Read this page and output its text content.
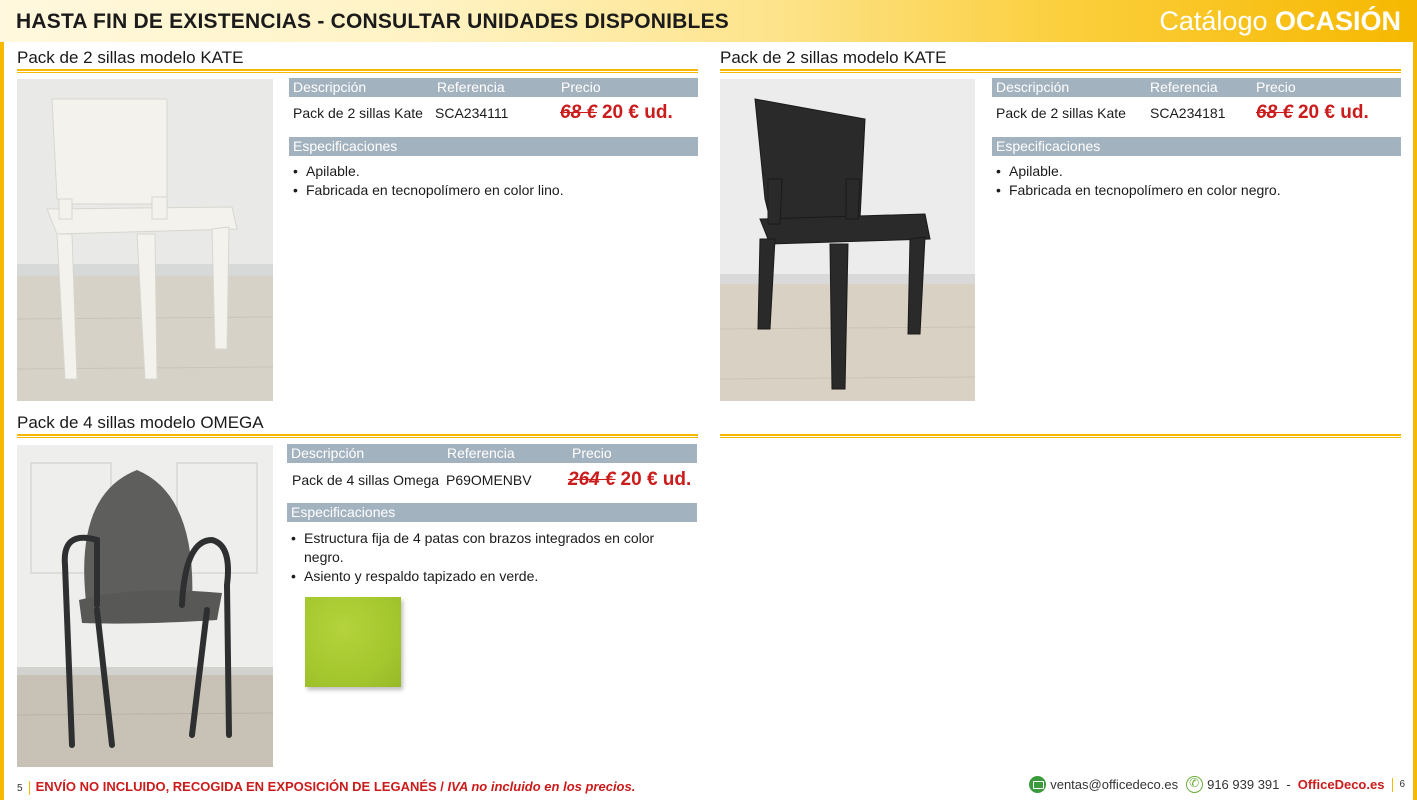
HASTA FIN DE EXISTENCIAS - CONSULTAR UNIDADES DISPONIBLES	Catálogo OCASIÓN
Pack de 2 sillas modelo KATE
Descripción	Referencia	Precio
Pack de 2 sillas Kate SCA234111	68 € 20 € ud.
Especificaciones
• Apilable.
• Fabricada en tecnopolímero en color lino.
Pack de 2 sillas modelo KATE
Descripción	Referencia	Precio
Pack de 2 sillas Kate SCA234181 68 € 20 € ud.
Especificaciones
• Apilable.
• Fabricada en tecnopolímero en color negro.
Pack de 4 sillas modelo OMEGA
Descripción	Referencia	Precio
Pack de 4 sillas Omega P69OMENBV 264 € 20 € ud.
Especificaciones
• Estructura fija de 4 patas con brazos integrados en color negro.
• Asiento y respaldo tapizado en verde.
5 ENVÍO NO INCLUIDO, RECOGIDA EN EXPOSICIÓN DE LEGANÉS / IVA no incluido en los precios.	ventas@officedeco.es
✆ 916 939 391 - OfficeDeco.es 6
